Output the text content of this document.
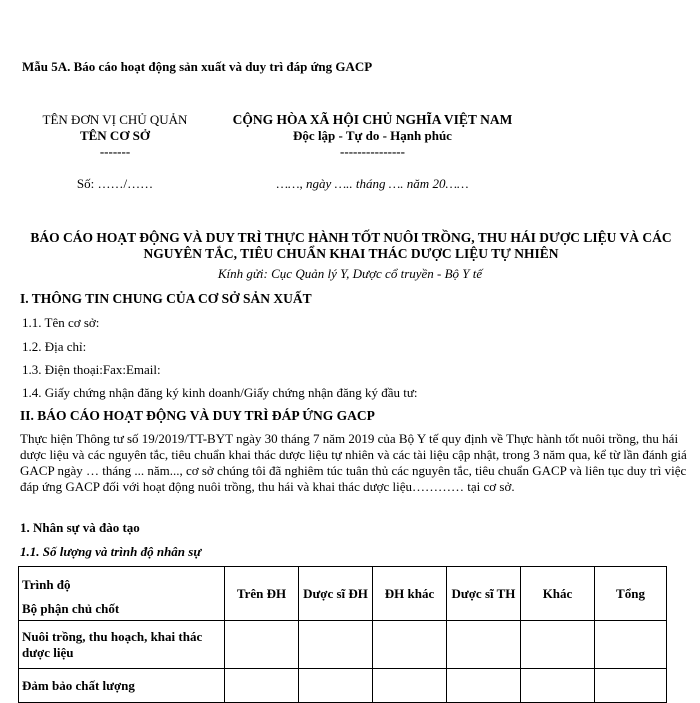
Mẫu 5A. Báo cáo hoạt động sản xuất và duy trì đáp ứng GACP
TÊN ĐƠN VỊ CHỦ QUẢN
TÊN CƠ SỞ
-------
Số: ……/……
CỘNG HÒA XÃ HỘI CHỦ NGHĨA VIỆT NAM
Độc lập - Tự do - Hạnh phúc
---------------
……, ngày ….. tháng …. năm 20……
BÁO CÁO HOẠT ĐỘNG VÀ DUY TRÌ THỰC HÀNH TỐT NUÔI TRỒNG, THU HÁI DƯỢC LIỆU VÀ CÁC NGUYÊN TẮC, TIÊU CHUẨN KHAI THÁC DƯỢC LIỆU TỰ NHIÊN
Kính gửi: Cục Quản lý Y, Dược cổ truyền - Bộ Y tế
I. THÔNG TIN CHUNG CỦA CƠ SỞ SẢN XUẤT
1.1. Tên cơ sở:
1.2. Địa chỉ:
1.3. Điện thoại:Fax:Email:
1.4. Giấy chứng nhận đăng ký kinh doanh/Giấy chứng nhận đăng ký đầu tư:
II. BÁO CÁO HOẠT ĐỘNG VÀ DUY TRÌ ĐÁP ỨNG GACP
Thực hiện Thông tư số 19/2019/TT-BYT ngày 30 tháng 7 năm 2019 của Bộ Y tế quy định về Thực hành tốt nuôi trồng, thu hái dược liệu và các nguyên tắc, tiêu chuẩn khai thác dược liệu tự nhiên và các tài liệu cập nhật, trong 3 năm qua, kể từ lần đánh giá GACP ngày … tháng ... năm..., cơ sở chúng tôi đã nghiêm túc tuân thủ các nguyên tắc, tiêu chuẩn GACP và liên tục duy trì việc đáp ứng GACP đối với hoạt động nuôi trồng, thu hái và khai thác dược liệu………… tại cơ sở.
1. Nhân sự và đào tạo
1.1. Số lượng và trình độ nhân sự
Trình độ
Bộ phận chủ chốt	Trên ĐH	Dược sĩ ĐH	ĐH khác	Dược sĩ TH	Khác	Tổng
Nuôi trồng, thu hoạch, khai thác dược liệu						
Đảm bảo chất lượng						
